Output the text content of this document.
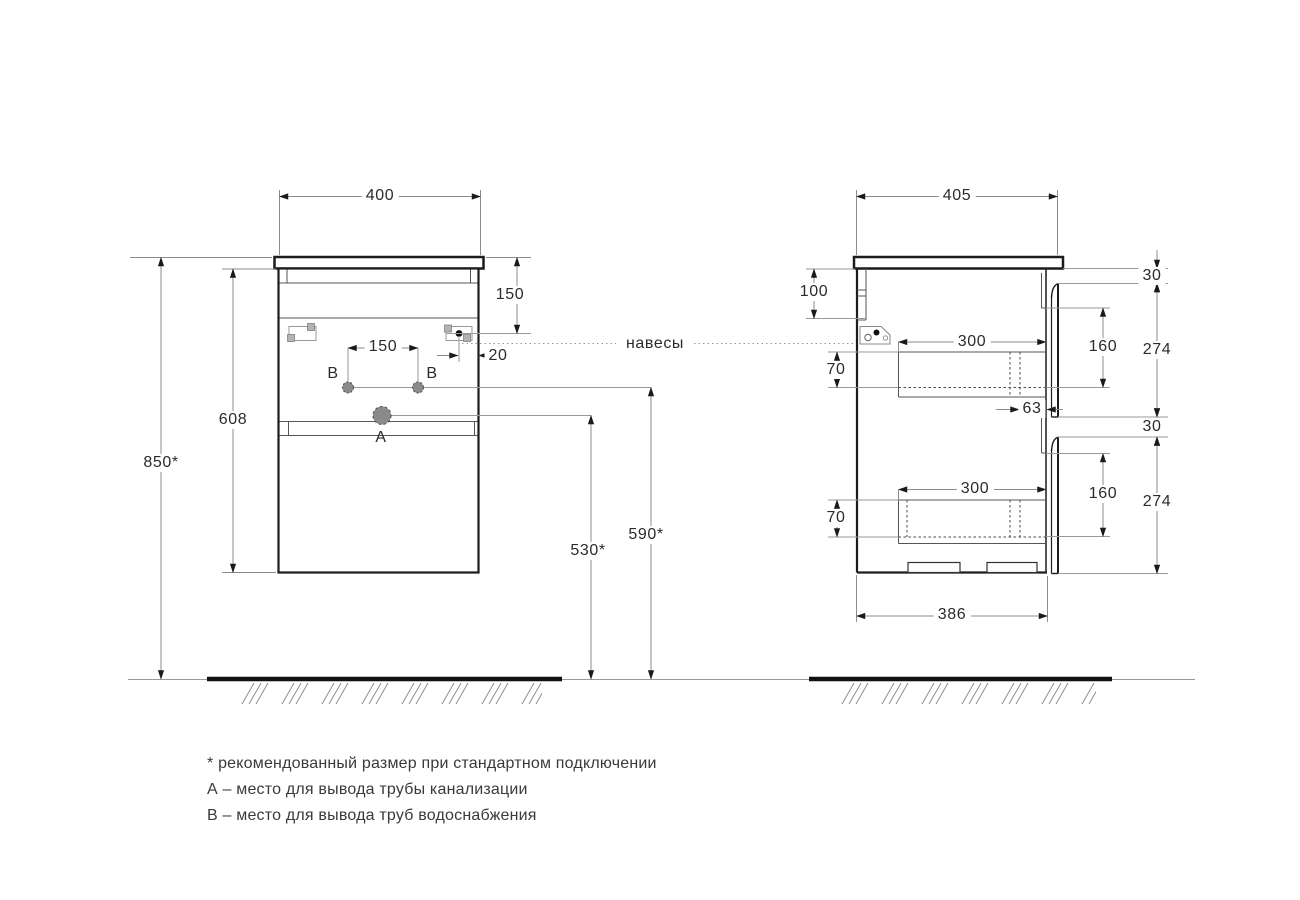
400
150
20
150
B	B
A
608
850*
530*
590*
навесы
405
100
30
160 274
300
70
63
30
160 274
300
70
386
* рекомендованный размер при стандартном подключении
А – место для вывода трубы канализации
В – место для вывода труб водоснабжения
